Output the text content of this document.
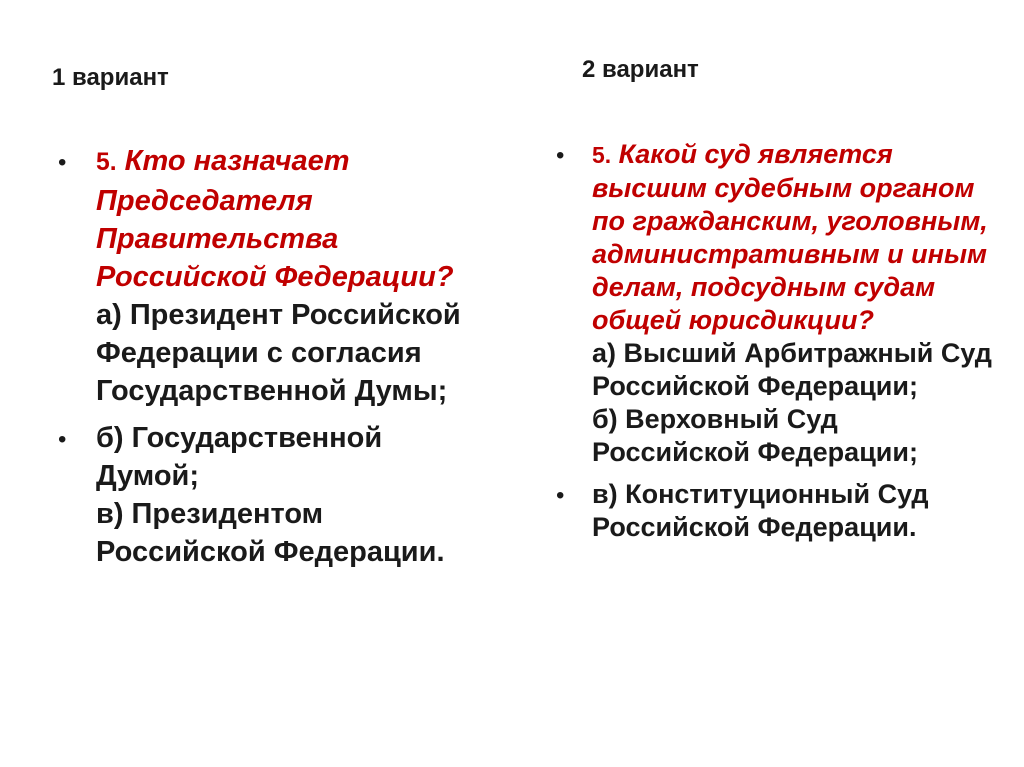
1 вариант	2 вариант
• 5. Кто назначает Председателя Правительства Российской Федерации?
а) Президент Российской Федерации с согласия Государственной Думы;
• б) Государственной Думой;
в) Президентом Российской Федерации.
• 5. Какой суд является высшим судебным органом по гражданским, уголовным, административным и иным делам, подсудным судам общей юрисдикции?
а) Высший Арбитражный Суд Российской Федерации;
б) Верховный Суд Российской Федерации;
• в) Конституционный Суд Российской Федерации.
